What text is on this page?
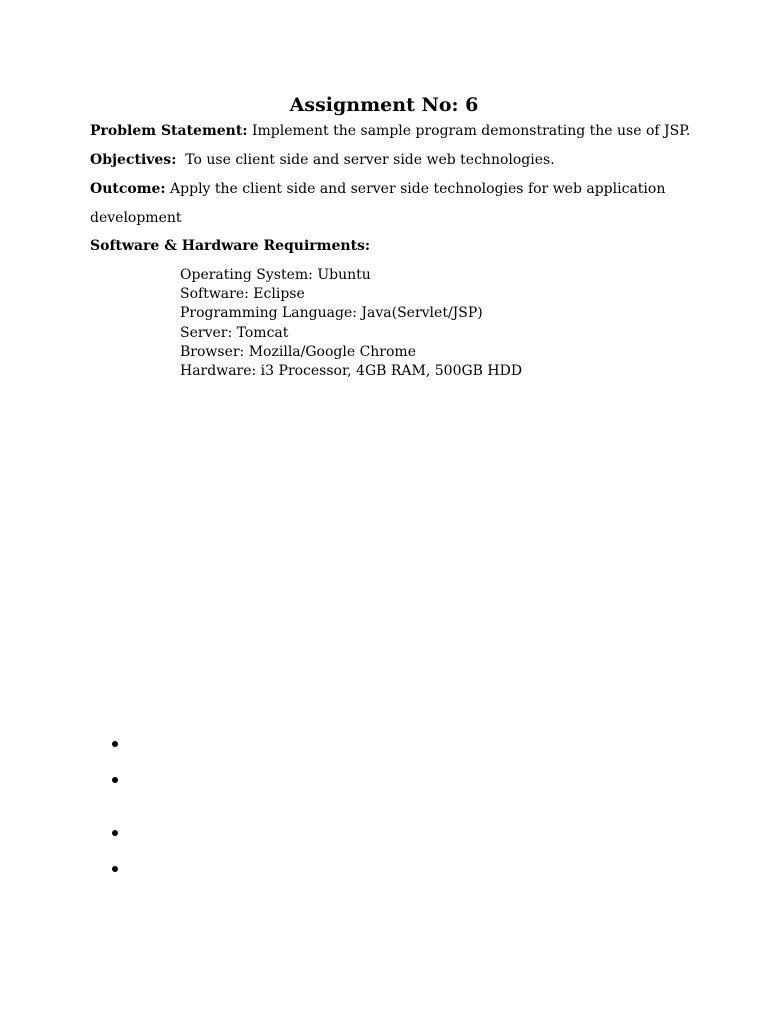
Assignment No: 6
Problem Statement: Implement the sample program demonstrating the use of JSP.
Objectives:  To use client side and server side web technologies.
Outcome: Apply the client side and server side technologies for web application
development
Software & Hardware Requirments:
Operating System: Ubuntu
Software: Eclipse
Programming Language: Java(Servlet/JSP)
Server: Tomcat
Browser: Mozilla/Google Chrome
Hardware: i3 Processor, 4GB RAM, 500GB HDD
